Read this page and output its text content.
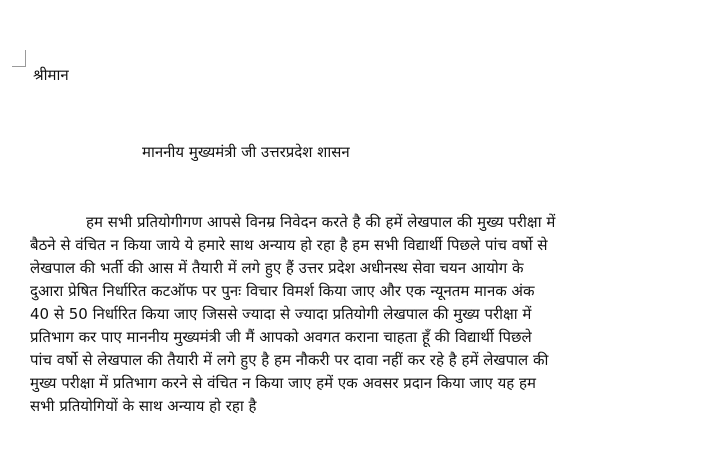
श्रीमान
माननीय मुख्यमंत्री जी उत्तरप्रदेश शासन
हम सभी प्रतियोगीगण आपसे विनम्र निवेदन करते है की हमें लेखपाल की मुख्य परीक्षा में
बैठने से वंचित न किया जाये ये हमारे साथ अन्याय हो रहा है हम सभी विद्यार्थी पिछले पांच वर्षो से
लेखपाल की भर्ती की आस में तैयारी में लगे हुए हैं उत्तर प्रदेश अधीनस्थ सेवा चयन आयोग के
दुआरा प्रेषित निर्धारित कटऑफ पर पुनः विचार विमर्श किया जाए और एक न्यूनतम मानक अंक
40 से 50 निर्धारित किया जाए जिससे ज्यादा से ज्यादा प्रतियोगी लेखपाल की मुख्य परीक्षा में
प्रतिभाग कर पाए माननीय मुख्यमंत्री जी मैं आपको अवगत कराना चाहता हूँ की विद्यार्थी पिछले
पांच वर्षो से लेखपाल की तैयारी में लगे हुए है हम नौकरी पर दावा नहीं कर रहे है हमें लेखपाल की
मुख्य परीक्षा में प्रतिभाग करने से वंचित न किया जाए हमें एक अवसर प्रदान किया जाए यह हम
सभी प्रतियोगियों के साथ अन्याय हो रहा है
